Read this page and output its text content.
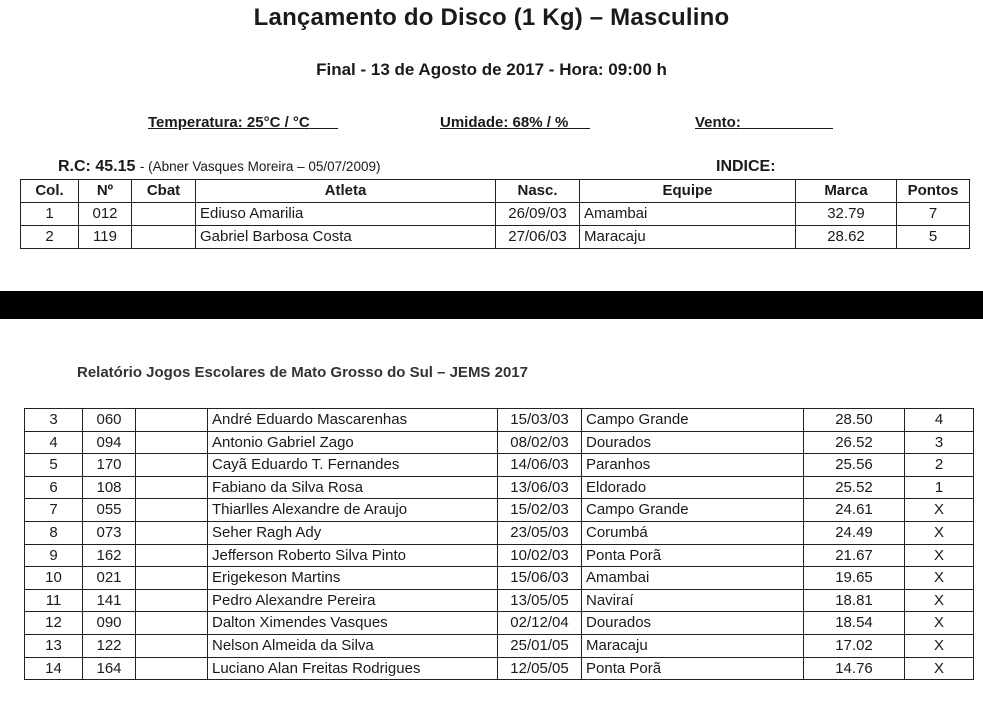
Lançamento do Disco (1 Kg) – Masculino
Final - 13 de Agosto de 2017 - Hora: 09:00 h
Temperatura: 25°C / °C	Umidade: 68% / %	Vento:
R.C: 45.15 - (Abner Vasques Moreira – 05/07/2009)	INDICE:
Col.	Nº	Cbat	Atleta	Nasc.	Equipe	Marca	Pontos
1	012		Ediuso Amarilia	26/09/03	Amambai	32.79	7
2	119		Gabriel Barbosa Costa	27/06/03	Maracaju	28.62	5
Relatório Jogos Escolares de Mato Grosso do Sul – JEMS 2017
3	060		André Eduardo Mascarenhas	15/03/03	Campo Grande	28.50	4
4	094		Antonio Gabriel Zago	08/02/03	Dourados	26.52	3
5	170		Cayã Eduardo T. Fernandes	14/06/03	Paranhos	25.56	2
6	108		Fabiano da Silva Rosa	13/06/03	Eldorado	25.52	1
7	055		Thiarlles Alexandre de Araujo	15/02/03	Campo Grande	24.61	X
8	073		Seher Ragh Ady	23/05/03	Corumbá	24.49	X
9	162		Jefferson Roberto Silva Pinto	10/02/03	Ponta Porã	21.67	X
10	021		Erigekeson Martins	15/06/03	Amambai	19.65	X
11	141		Pedro Alexandre Pereira	13/05/05	Naviraí	18.81	X
12	090		Dalton Ximendes Vasques	02/12/04	Dourados	18.54	X
13	122		Nelson Almeida da Silva	25/01/05	Maracaju	17.02	X
14	164		Luciano Alan Freitas Rodrigues	12/05/05	Ponta Porã	14.76	X
